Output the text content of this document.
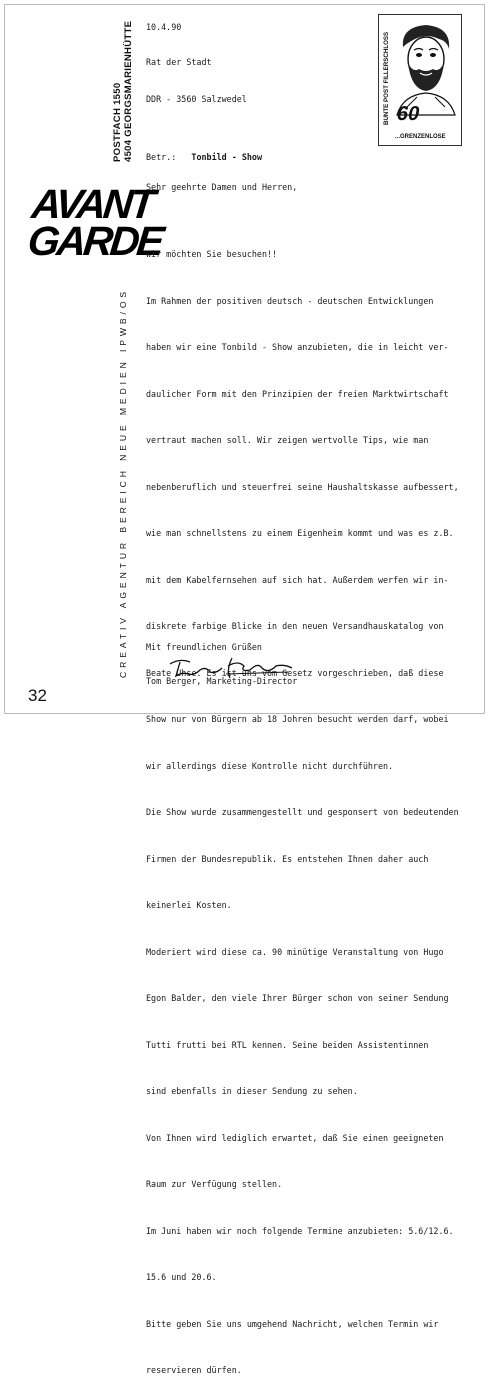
POSTFACH 1550 4504 GEORGSMARIENHÜTTE
CREATIV AGENTUR BEREICH NEUE MEDIEN IPWB/OS
AVANT
GARDE
BUNTE POST FILLERSCHLOSS 60
...GRENZENLOSE
10.4.90
Rat der Stadt
DDR - 3560 Salzwedel
Betr.: Tonbild - Show
Sehr geehrte Damen und Herren,

wir möchten Sie besuchen!!

Im Rahmen der positiven deutsch - deutschen Entwicklungen

haben wir eine Tonbild - Show anzubieten, die in leicht ver-

daulicher Form mit den Prinzipien der freien Marktwirtschaft

vertraut machen soll. Wir zeigen wertvolle Tips, wie man

nebenberuflich und steuerfrei seine Haushaltskasse aufbessert,

wie man schnellstens zu einem Eigenheim kommt und was es z.B.

mit dem Kabelfernsehen auf sich hat. Außerdem werfen wir in-

diskrete farbige Blicke in den neuen Versandhauskatalog von

Beate Uhse. Es ist uns vom Gesetz vorgeschrieben, daß diese

Show nur von Bürgern ab 18 Johren besucht werden darf, wobei

wir allerdings diese Kontrolle nicht durchführen.

Die Show wurde zusammengestellt und gesponsert von bedeutenden

Firmen der Bundesrepublik. Es entstehen Ihnen daher auch

keinerlei Kosten.

Moderiert wird diese ca. 90 minütige Veranstaltung von Hugo

Egon Balder, den viele Ihrer Bürger schon von seiner Sendung

Tutti frutti bei RTL kennen. Seine beiden Assistentinnen

sind ebenfalls in dieser Sendung zu sehen.

Von Ihnen wird lediglich erwartet, daß Sie einen geeigneten

Raum zur Verfügung stellen.

Im Juni haben wir noch folgende Termine anzubieten: 5.6/12.6.

15.6 und 20.6.

Bitte geben Sie uns umgehend Nachricht, welchen Termin wir

reservieren dürfen.

Mit freundlichen Grüßen
Tom Berger, Marketing-Director
32
